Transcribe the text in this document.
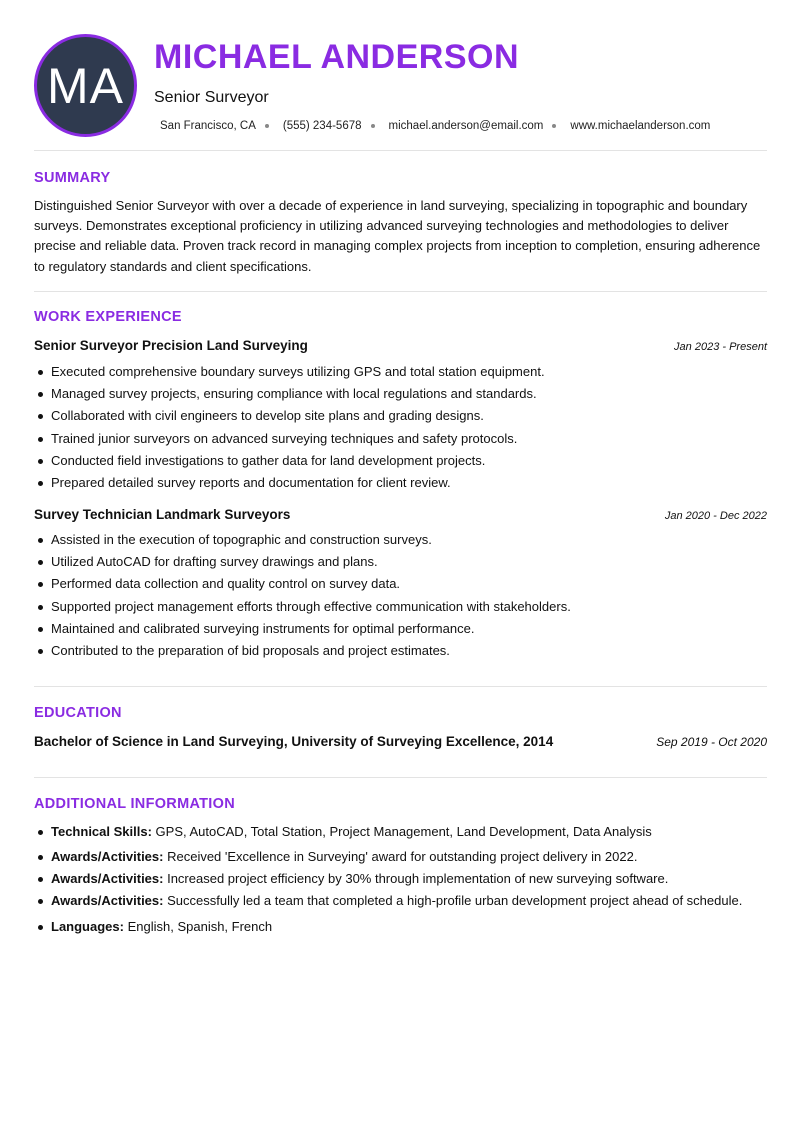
MA
MICHAEL ANDERSON
Senior Surveyor
San Francisco, CA (555) 234-5678 michael.anderson@email.com www.michaelanderson.com
SUMMARY

Distinguished Senior Surveyor with over a decade of experience in land surveying, specializing in topographic and boundary surveys. Demonstrates exceptional proficiency in utilizing advanced surveying technologies and methodologies to deliver precise and reliable data. Proven track record in managing complex projects from inception to completion, ensuring adherence to regulatory standards and client specifications.

WORK EXPERIENCE
Senior Surveyor Precision Land Surveying	Jan 2023 - Present
Executed comprehensive boundary surveys utilizing GPS and total station equipment.
Managed survey projects, ensuring compliance with local regulations and standards.
Collaborated with civil engineers to develop site plans and grading designs.
Trained junior surveyors on advanced surveying techniques and safety protocols.
Conducted field investigations to gather data for land development projects.
Prepared detailed survey reports and documentation for client review.
Survey Technician Landmark Surveyors	Jan 2020 - Dec 2022
Assisted in the execution of topographic and construction surveys.
Utilized AutoCAD for drafting survey drawings and plans.
Performed data collection and quality control on survey data.
Supported project management efforts through effective communication with stakeholders.
Maintained and calibrated surveying instruments for optimal performance.
Contributed to the preparation of bid proposals and project estimates.
EDUCATION
Bachelor of Science in Land Surveying, University of Surveying Excellence, 2014	Sep 2019 - Oct 2020
ADDITIONAL INFORMATION
Technical Skills: GPS, AutoCAD, Total Station, Project Management, Land Development, Data Analysis
Awards/Activities: Received 'Excellence in Surveying' award for outstanding project delivery in 2022.
Awards/Activities: Increased project efficiency by 30% through implementation of new surveying software.
Awards/Activities: Successfully led a team that completed a high-profile urban development project ahead of schedule.
Languages: English, Spanish, French
